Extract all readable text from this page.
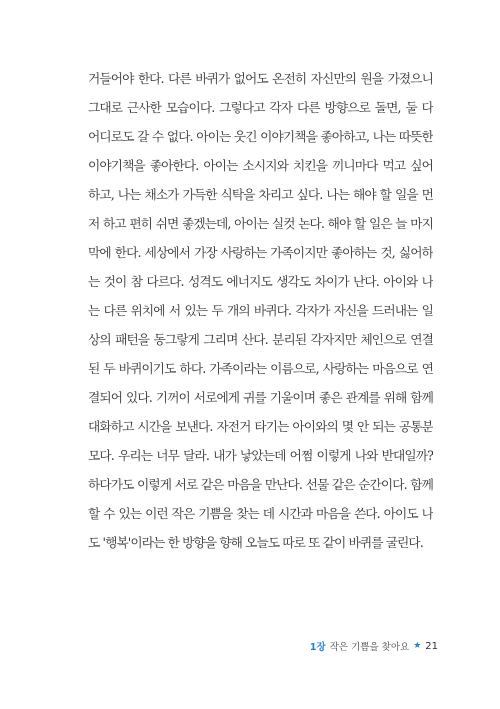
거들어야 한다. 다른 바퀴가 없어도 온전히 자신만의 원을 가졌으니
그대로 근사한 모습이다. 그렇다고 각자 다른 방향으로 돌면, 둘 다
어디로도 갈 수 없다. 아이는 웃긴 이야기책을 좋아하고, 나는 따뜻한
이야기책을 좋아한다. 아이는 소시지와 치킨을 끼니마다 먹고 싶어
하고, 나는 채소가 가득한 식탁을 차리고 싶다. 나는 해야 할 일을 먼
저 하고 편히 쉬면 좋겠는데, 아이는 실컷 논다. 해야 할 일은 늘 마지
막에 한다. 세상에서 가장 사랑하는 가족이지만 좋아하는 것, 싫어하
는 것이 참 다르다. 성격도 에너지도 생각도 차이가 난다. 아이와 나
는 다른 위치에 서 있는 두 개의 바퀴다. 각자가 자신을 드러내는 일
상의 패턴을 동그랗게 그리며 산다. 분리된 각자지만 체인으로 연결
된 두 바퀴이기도 하다. 가족이라는 이름으로, 사랑하는 마음으로 연
결되어 있다. 기꺼이 서로에게 귀를 기울이며 좋은 관계를 위해 함께
대화하고 시간을 보낸다. 자전거 타기는 아이와의 몇 안 되는 공통분
모다. 우리는 너무 달라. 내가 낳았는데 어쩜 이렇게 나와 반대일까?
하다가도 이렇게 서로 같은 마음을 만난다. 선물 같은 순간이다. 함께
할 수 있는 이런 작은 기쁨을 찾는 데 시간과 마음을 쓴다. 아이도 나
도 '행복'이라는 한 방향을 향해 오늘도 따로 또 같이 바퀴를 굴린다.
1장 작은 기쁨을 찾아요 ★ 21
